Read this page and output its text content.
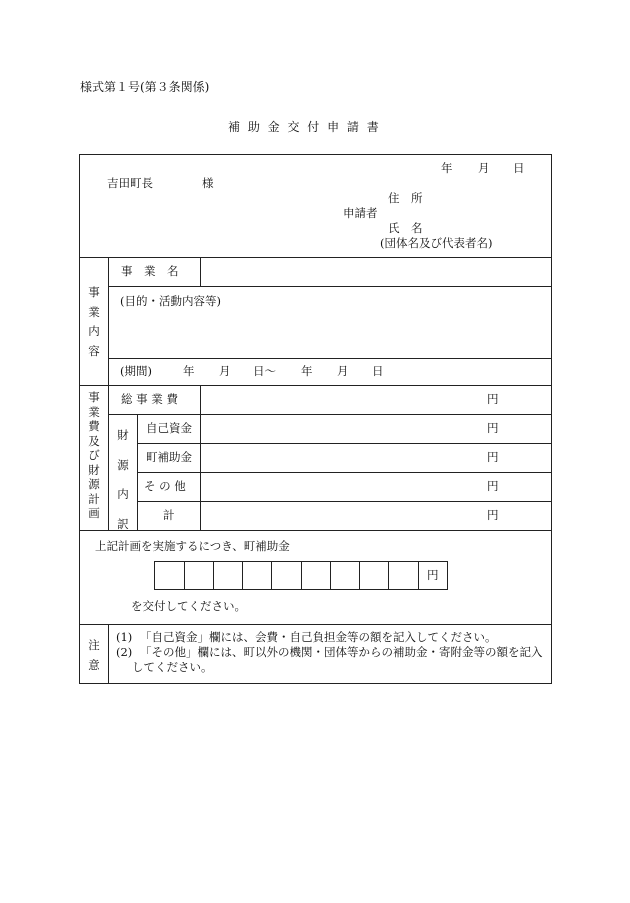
様式第１号(第３条関係)
補 助 金 交 付 申 請 書
年 月 日
吉田町長	様
住　所
申請者
氏　名
(団体名及び代表者名)
事
業
内
容
事　業　名
(目的・活動内容等)
(期間)	年 月 日〜 年 月 日
事
業
費
及
び
財
源
計
画
総 事 業 費	円
財
源
内
訳
自己資金	円
町補助金	円
そ の 他	円
計	円
上記計画を実施するにつき、町補助金
円
を交付してください。
注
意
(1) 「自己資金」欄には、会費・自己負担金等の額を記入してください。
(2) 「その他」欄には、町以外の機関・団体等からの補助金・寄附金等の額を記入
してください。
